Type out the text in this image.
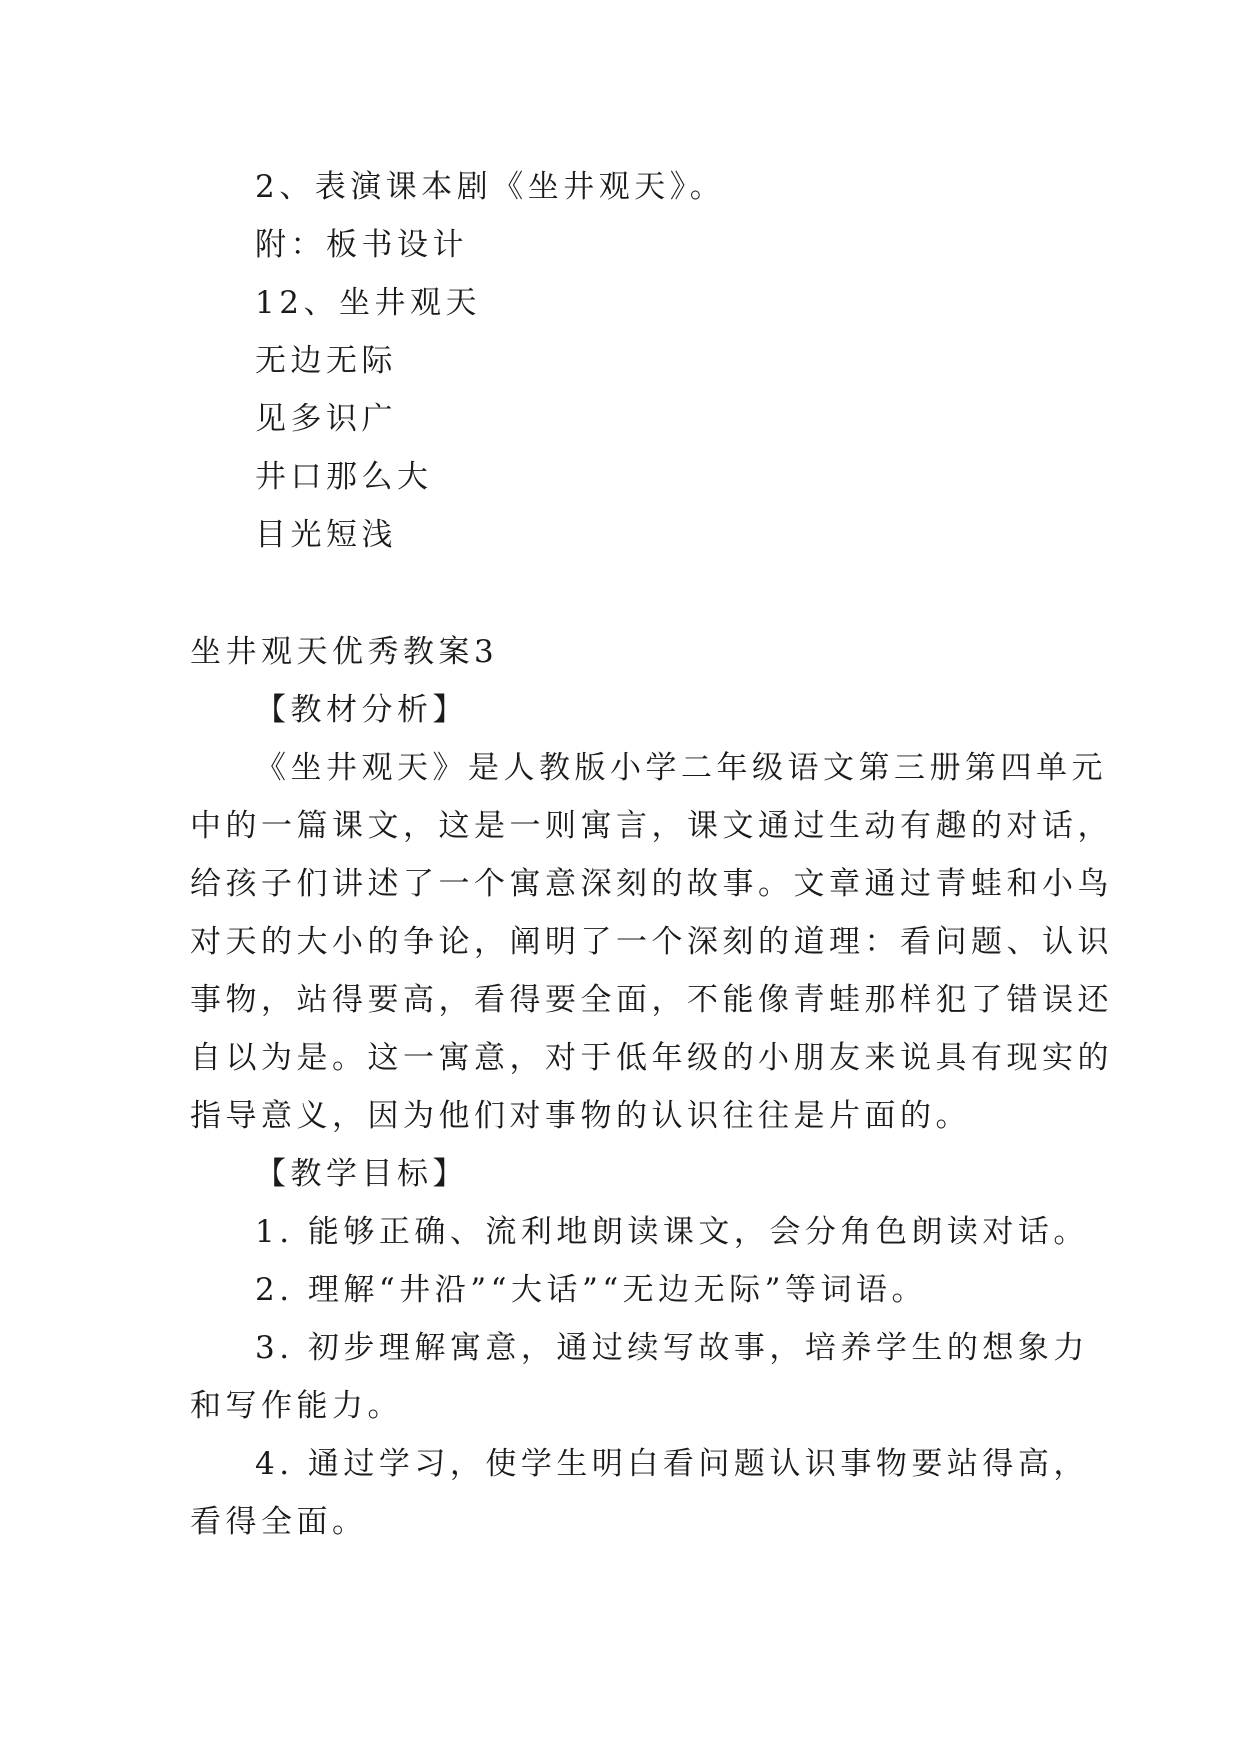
2、表演课本剧《坐井观天》。
附：板书设计
12、坐井观天
无边无际
见多识广
井口那么大
目光短浅
坐井观天优秀教案3
【教材分析】
《坐井观天》是人教版小学二年级语文第三册第四单元
中的一篇课文，这是一则寓言，课文通过生动有趣的对话，
给孩子们讲述了一个寓意深刻的故事。文章通过青蛙和小鸟
对天的大小的争论，阐明了一个深刻的道理：看问题、认识
事物，站得要高，看得要全面，不能像青蛙那样犯了错误还
自以为是。这一寓意，对于低年级的小朋友来说具有现实的
指导意义，因为他们对事物的认识往往是片面的。
【教学目标】
1. 能够正确、流利地朗读课文，会分角色朗读对话。
2. 理解“井沿”“大话”“无边无际”等词语。
3. 初步理解寓意，通过续写故事，培养学生的想象力
和写作能力。
4. 通过学习，使学生明白看问题认识事物要站得高，
看得全面。
